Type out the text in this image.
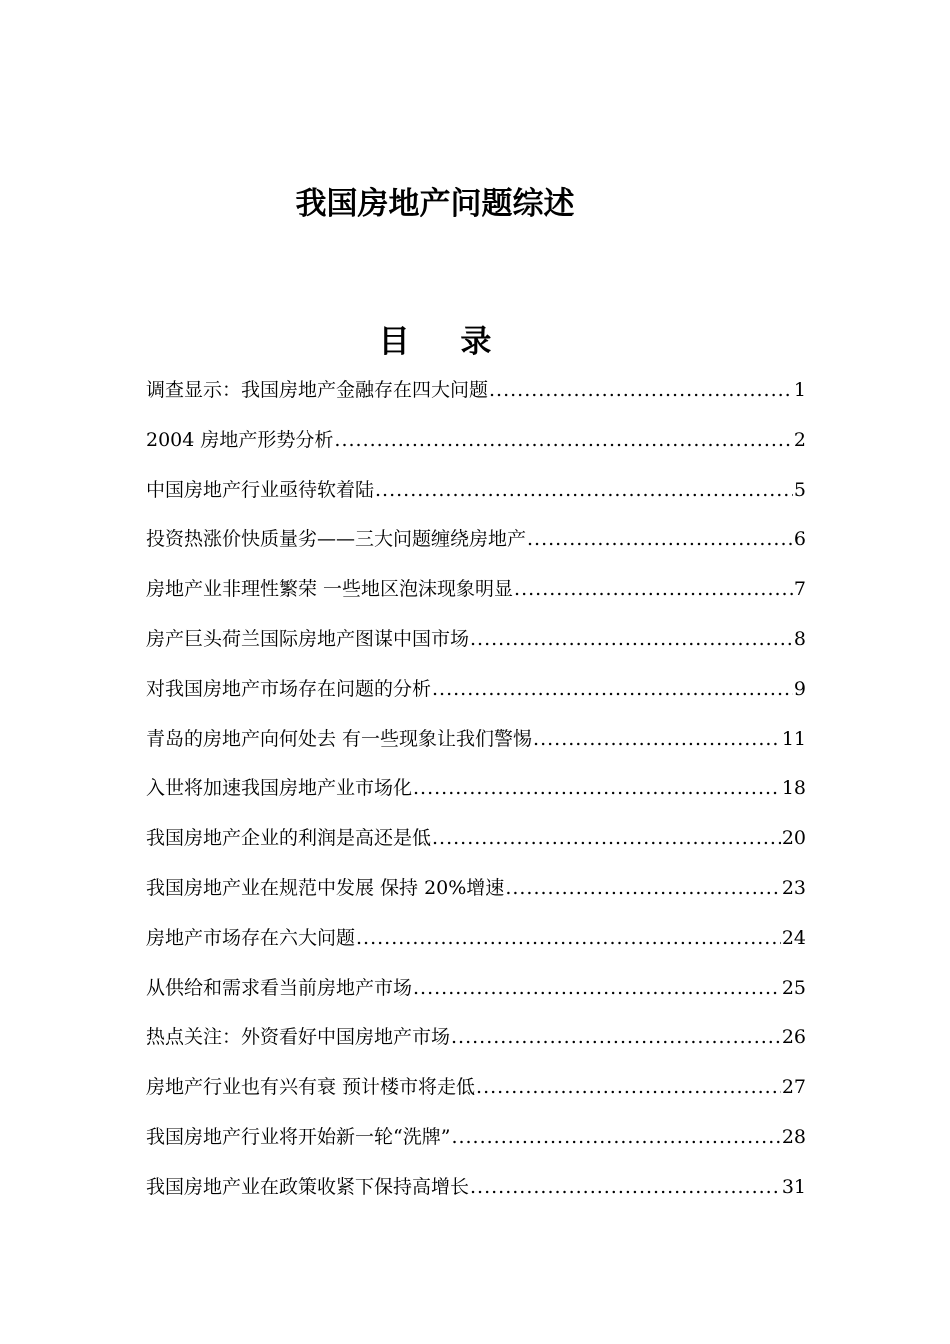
我国房地产问题综述
目 录
调查显示：我国房地产金融存在四大问题 .....	1
2004 房地产形势分析 .....	2
中国房地产行业亟待软着陆 .....	5
投资热涨价快质量劣——三大问题缠绕房地产 .....	6
房地产业非理性繁荣 一些地区泡沫现象明显 .....	7
房产巨头荷兰国际房地产图谋中国市场 .....	8
对我国房地产市场存在问题的分析 .....	9
青岛的房地产向何处去 有一些现象让我们警惕 .....	11
入世将加速我国房地产业市场化 .....	18
我国房地产企业的利润是高还是低 .....	20
我国房地产业在规范中发展 保持 20%增速 .....	23
房地产市场存在六大问题 .....	24
从供给和需求看当前房地产市场 .....	25
热点关注：外资看好中国房地产市场 .....	26
房地产行业也有兴有衰 预计楼市将走低 .....	27
我国房地产行业将开始新一轮“洗牌” .....	28
我国房地产业在政策收紧下保持高增长 .....	31
